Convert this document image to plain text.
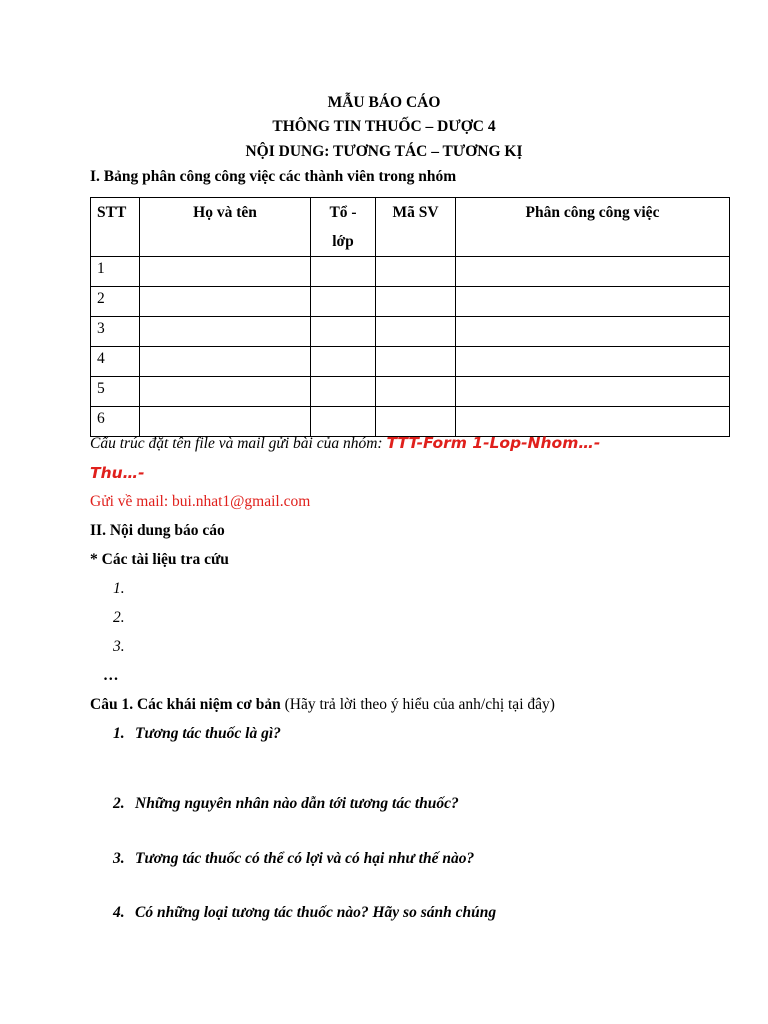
MẪU BÁO CÁO
THÔNG TIN THUỐC – DƯỢC 4
NỘI DUNG: TƯƠNG TÁC – TƯƠNG KỊ
I. Bảng phân công công việc các thành viên trong nhóm
STT	Họ và tên	Tổ - lớp	Mã SV	Phân công công việc
1				
2				
3				
4				
5				
6				
Cấu trúc đặt tên file và mail gửi bài của nhóm: TTT-Form 1-Lop-Nhom…-
Thu…-
Gửi về mail: bui.nhat1@gmail.com
II. Nội dung báo cáo
* Các tài liệu tra cứu
1.
2.
3.
…
Câu 1. Các khái niệm cơ bản (Hãy trả lời theo ý hiểu của anh/chị tại đây)
1. Tương tác thuốc là gì?
2. Những nguyên nhân nào dẫn tới tương tác thuốc?
3. Tương tác thuốc có thể có lợi và có hại như thế nào?
4. Có những loại tương tác thuốc nào? Hãy so sánh chúng
